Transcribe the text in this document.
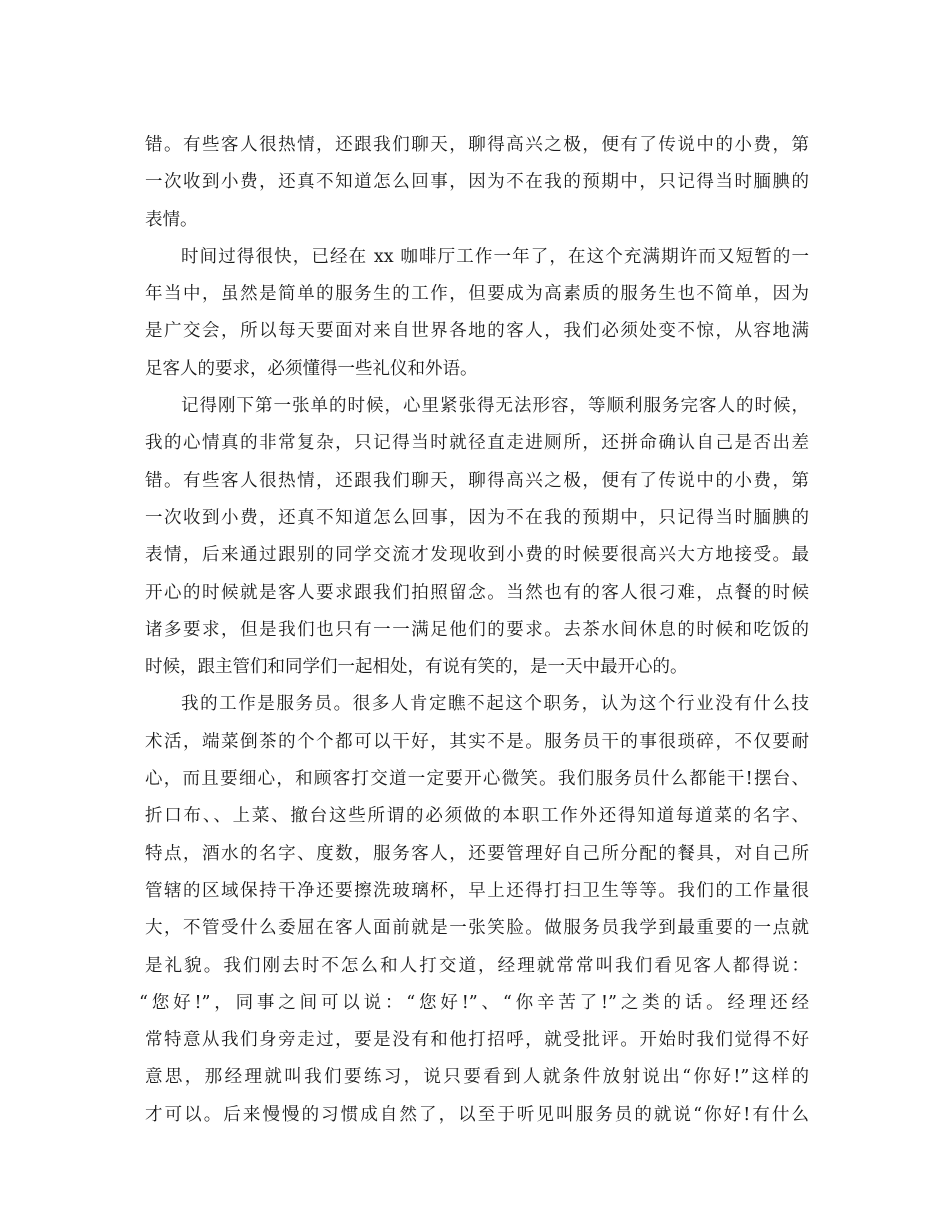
错。有些客人很热情，还跟我们聊天，聊得高兴之极，便有了传说中的小费，第
一次收到小费，还真不知道怎么回事，因为不在我的预期中，只记得当时腼腆的
表情。
时间过得很快，已经在 xx 咖啡厅工作一年了，在这个充满期许而又短暂的一
年当中，虽然是简单的服务生的工作，但要成为高素质的服务生也不简单，因为
是广交会，所以每天要面对来自世界各地的客人，我们必须处变不惊，从容地满
足客人的要求，必须懂得一些礼仪和外语。
记得刚下第一张单的时候，心里紧张得无法形容，等顺利服务完客人的时候，
我的心情真的非常复杂，只记得当时就径直走进厕所，还拼命确认自己是否出差
错。有些客人很热情，还跟我们聊天，聊得高兴之极，便有了传说中的小费，第
一次收到小费，还真不知道怎么回事，因为不在我的预期中，只记得当时腼腆的
表情，后来通过跟别的同学交流才发现收到小费的时候要很高兴大方地接受。最
开心的时候就是客人要求跟我们拍照留念。当然也有的客人很刁难，点餐的时候
诸多要求，但是我们也只有一一满足他们的要求。去茶水间休息的时候和吃饭的
时候，跟主管们和同学们一起相处，有说有笑的，是一天中最开心的。
我的工作是服务员。很多人肯定瞧不起这个职务，认为这个行业没有什么技
术活，端菜倒茶的个个都可以干好，其实不是。服务员干的事很琐碎，不仅要耐
心，而且要细心，和顾客打交道一定要开心微笑。我们服务员什么都能干!摆台、
折口布、、上菜、撤台这些所谓的必须做的本职工作外还得知道每道菜的名字、
特点，酒水的名字、度数，服务客人，还要管理好自己所分配的餐具，对自己所
管辖的区域保持干净还要擦洗玻璃杯，早上还得打扫卫生等等。我们的工作量很
大，不管受什么委屈在客人面前就是一张笑脸。做服务员我学到最重要的一点就
是礼貌。我们刚去时不怎么和人打交道，经理就常常叫我们看见客人都得说：
“您好!”，同事之间可以说：“您好!”、“你辛苦了!”之类的话。经理还经
常特意从我们身旁走过，要是没有和他打招呼，就受批评。开始时我们觉得不好
意思，那经理就叫我们要练习，说只要看到人就条件放射说出“你好!”这样的
才可以。后来慢慢的习惯成自然了，以至于听见叫服务员的就说“你好!有什么
